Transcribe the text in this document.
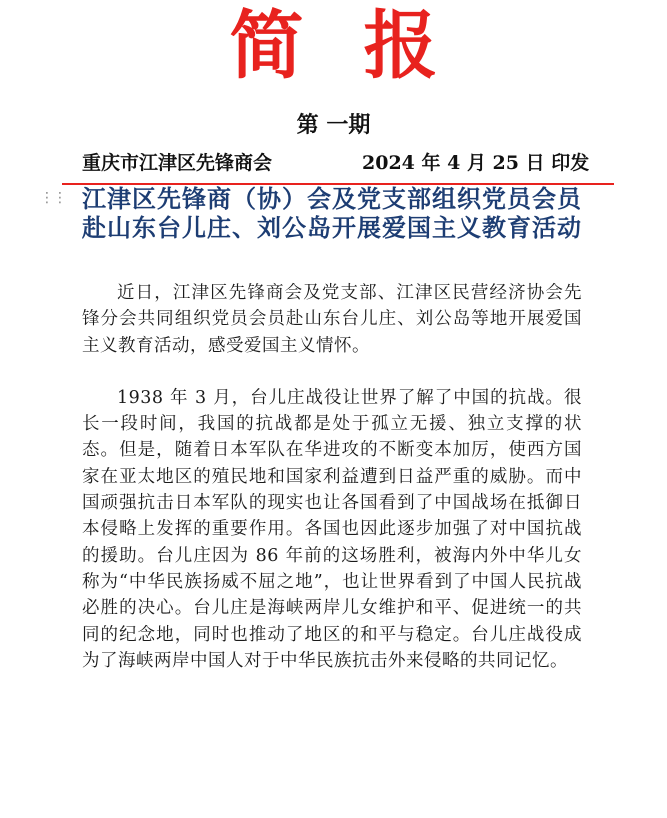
简报
第 一期
重庆市江津区先锋商会	2024 年 4 月 25 日 印发
⋮⋮ 江津区先锋商（协）会及党支部组织党员会员赴山东台儿庄、刘公岛开展爱国主义教育活动

近日，江津区先锋商会及党支部、江津区民营经济协会先锋分会共同组织党员会员赴山东台儿庄、刘公岛等地开展爱国主义教育活动，感受爱国主义情怀。

1938 年 3 月，台儿庄战役让世界了解了中国的抗战。很长一段时间，我国的抗战都是处于孤立无援、独立支撑的状态。但是，随着日本军队在华进攻的不断变本加厉，使西方国家在亚太地区的殖民地和国家利益遭到日益严重的威胁。而中国顽强抗击日本军队的现实也让各国看到了中国战场在抵御日本侵略上发挥的重要作用。各国也因此逐步加强了对中国抗战的援助。台儿庄因为 86 年前的这场胜利，被海内外中华儿女称为“中华民族扬威不屈之地”，也让世界看到了中国人民抗战必胜的决心。台儿庄是海峡两岸儿女维护和平、促进统一的共同的纪念地，同时也推动了地区的和平与稳定。台儿庄战役成为了海峡两岸中国人对于中华民族抗击外来侵略的共同记忆。
